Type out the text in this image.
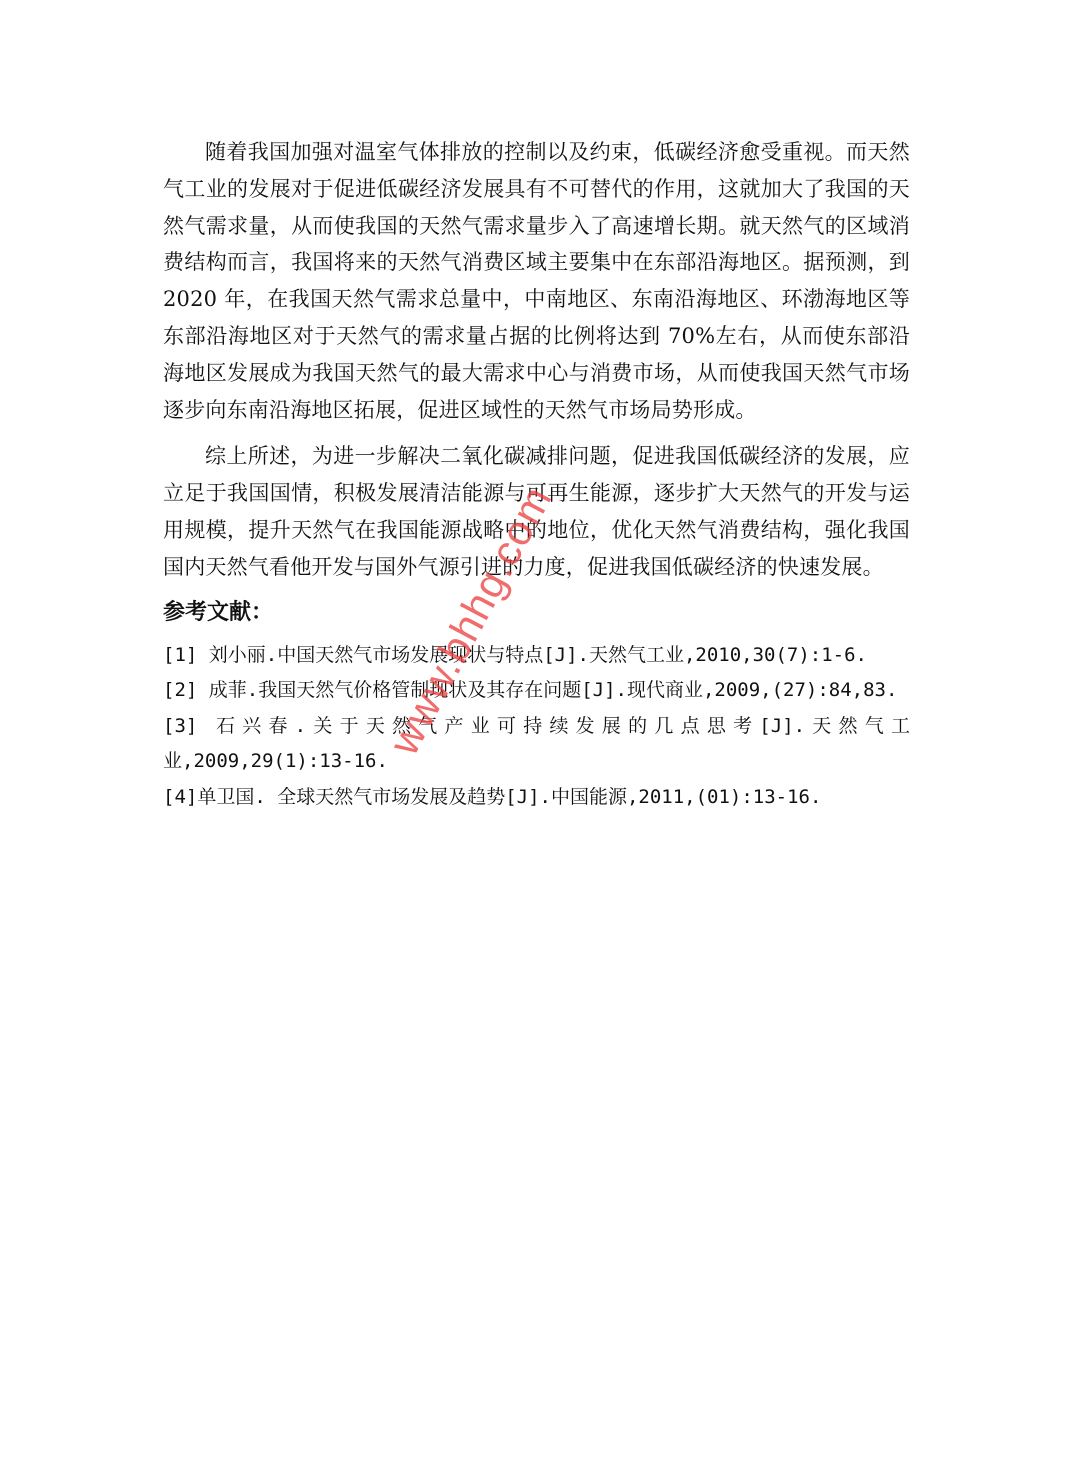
随着我国加强对温室气体排放的控制以及约束，低碳经济愈受重视。而天然气工业的发展对于促进低碳经济发展具有不可替代的作用，这就加大了我国的天然气需求量，从而使我国的天然气需求量步入了高速增长期。就天然气的区域消费结构而言，我国将来的天然气消费区域主要集中在东部沿海地区。据预测，到 2020 年，在我国天然气需求总量中，中南地区、东南沿海地区、环渤海地区等东部沿海地区对于天然气的需求量占据的比例将达到 70%左右，从而使东部沿海地区发展成为我国天然气的最大需求中心与消费市场，从而使我国天然气市场逐步向东南沿海地区拓展，促进区域性的天然气市场局势形成。

综上所述，为进一步解决二氧化碳减排问题，促进我国低碳经济的发展，应立足于我国国情，积极发展清洁能源与可再生能源，逐步扩大天然气的开发与运用规模，提升天然气在我国能源战略中的地位，优化天然气消费结构，强化我国国内天然气看他开发与国外气源引进的力度，促进我国低碳经济的快速发展。

参考文献：

[1] 刘小丽.中国天然气市场发展现状与特点[J].天然气工业,2010,30(7):1-6.

[2] 成菲.我国天然气价格管制现状及其存在问题[J].现代商业,2009,(27):84,83.

[3] 石兴春.关于天然气产业可持续发展的几点思考[J].天然气工业,2009,29(1):13-16.

[4]单卫国. 全球天然气市场发展及趋势[J].中国能源,2011,(01):13-16.

www.bhhg.com
